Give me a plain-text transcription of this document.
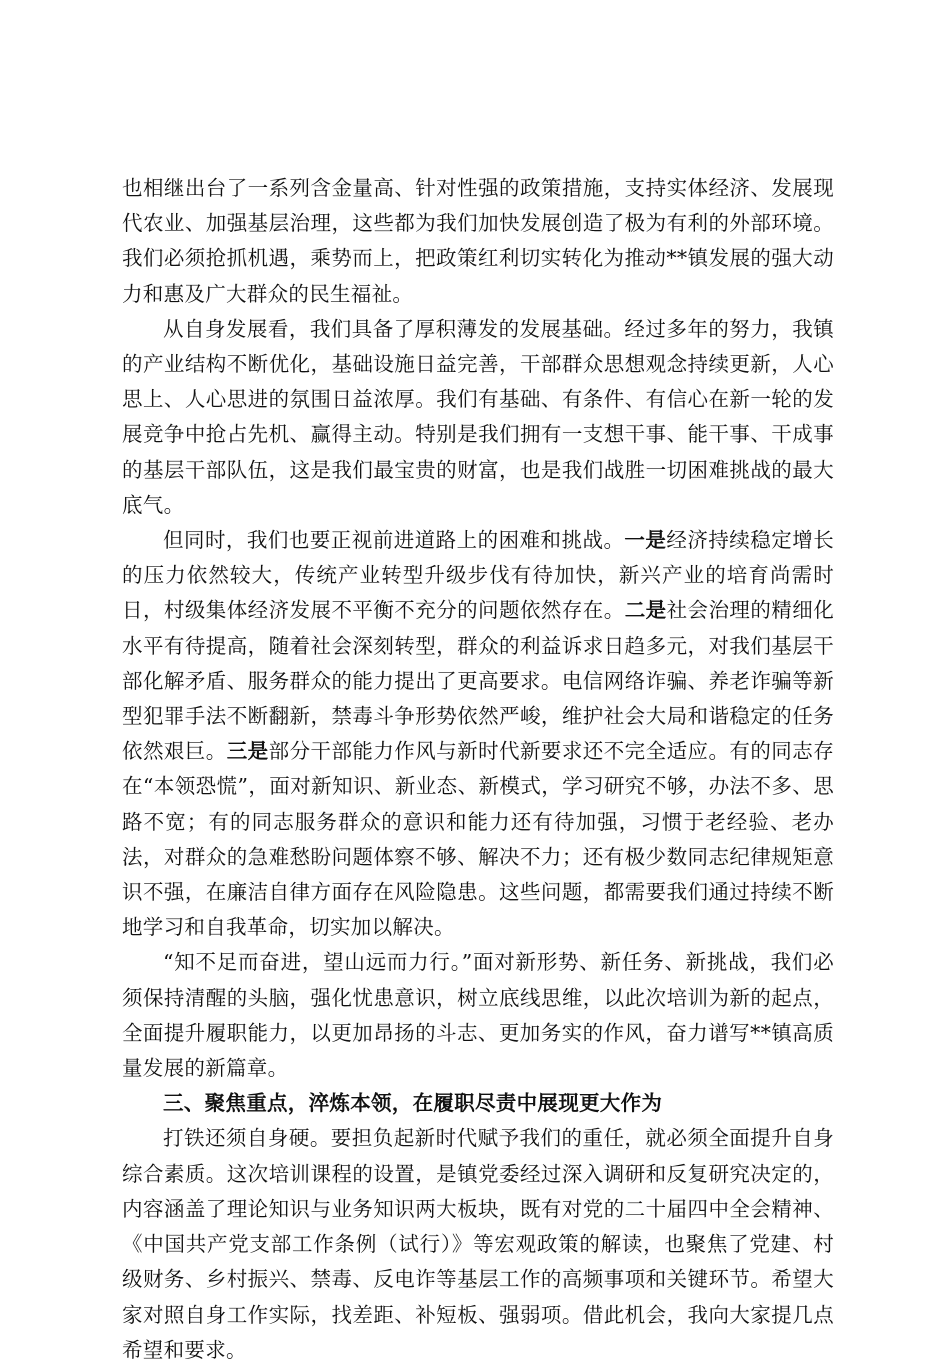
也相继出台了一系列含金量高、针对性强的政策措施，支持实体经济、发展现代农业、加强基层治理，这些都为我们加快发展创造了极为有利的外部环境。我们必须抢抓机遇，乘势而上，把政策红利切实转化为推动**镇发展的强大动力和惠及广大群众的民生福祉。

从自身发展看，我们具备了厚积薄发的发展基础。经过多年的努力，我镇的产业结构不断优化，基础设施日益完善，干部群众思想观念持续更新，人心思上、人心思进的氛围日益浓厚。我们有基础、有条件、有信心在新一轮的发展竞争中抢占先机、赢得主动。特别是我们拥有一支想干事、能干事、干成事的基层干部队伍，这是我们最宝贵的财富，也是我们战胜一切困难挑战的最大底气。

但同时，我们也要正视前进道路上的困难和挑战。一是经济持续稳定增长的压力依然较大，传统产业转型升级步伐有待加快，新兴产业的培育尚需时日，村级集体经济发展不平衡不充分的问题依然存在。二是社会治理的精细化水平有待提高，随着社会深刻转型，群众的利益诉求日趋多元，对我们基层干部化解矛盾、服务群众的能力提出了更高要求。电信网络诈骗、养老诈骗等新型犯罪手法不断翻新，禁毒斗争形势依然严峻，维护社会大局和谐稳定的任务依然艰巨。三是部分干部能力作风与新时代新要求还不完全适应。有的同志存在“本领恐慌”，面对新知识、新业态、新模式，学习研究不够，办法不多、思路不宽；有的同志服务群众的意识和能力还有待加强，习惯于老经验、老办法，对群众的急难愁盼问题体察不够、解决不力；还有极少数同志纪律规矩意识不强，在廉洁自律方面存在风险隐患。这些问题，都需要我们通过持续不断地学习和自我革命，切实加以解决。

“知不足而奋进，望山远而力行。”面对新形势、新任务、新挑战，我们必须保持清醒的头脑，强化忧患意识，树立底线思维，以此次培训为新的起点，全面提升履职能力，以更加昂扬的斗志、更加务实的作风，奋力谱写**镇高质量发展的新篇章。

三、聚焦重点，淬炼本领，在履职尽责中展现更大作为

打铁还须自身硬。要担负起新时代赋予我们的重任，就必须全面提升自身综合素质。这次培训课程的设置，是镇党委经过深入调研和反复研究决定的，内容涵盖了理论知识与业务知识两大板块，既有对党的二十届四中全会精神、《中国共产党支部工作条例（试行）》等宏观政策的解读，也聚焦了党建、村级财务、乡村振兴、禁毒、反电诈等基层工作的高频事项和关键环节。希望大家对照自身工作实际，找差距、补短板、强弱项。借此机会，我向大家提几点希望和要求。
